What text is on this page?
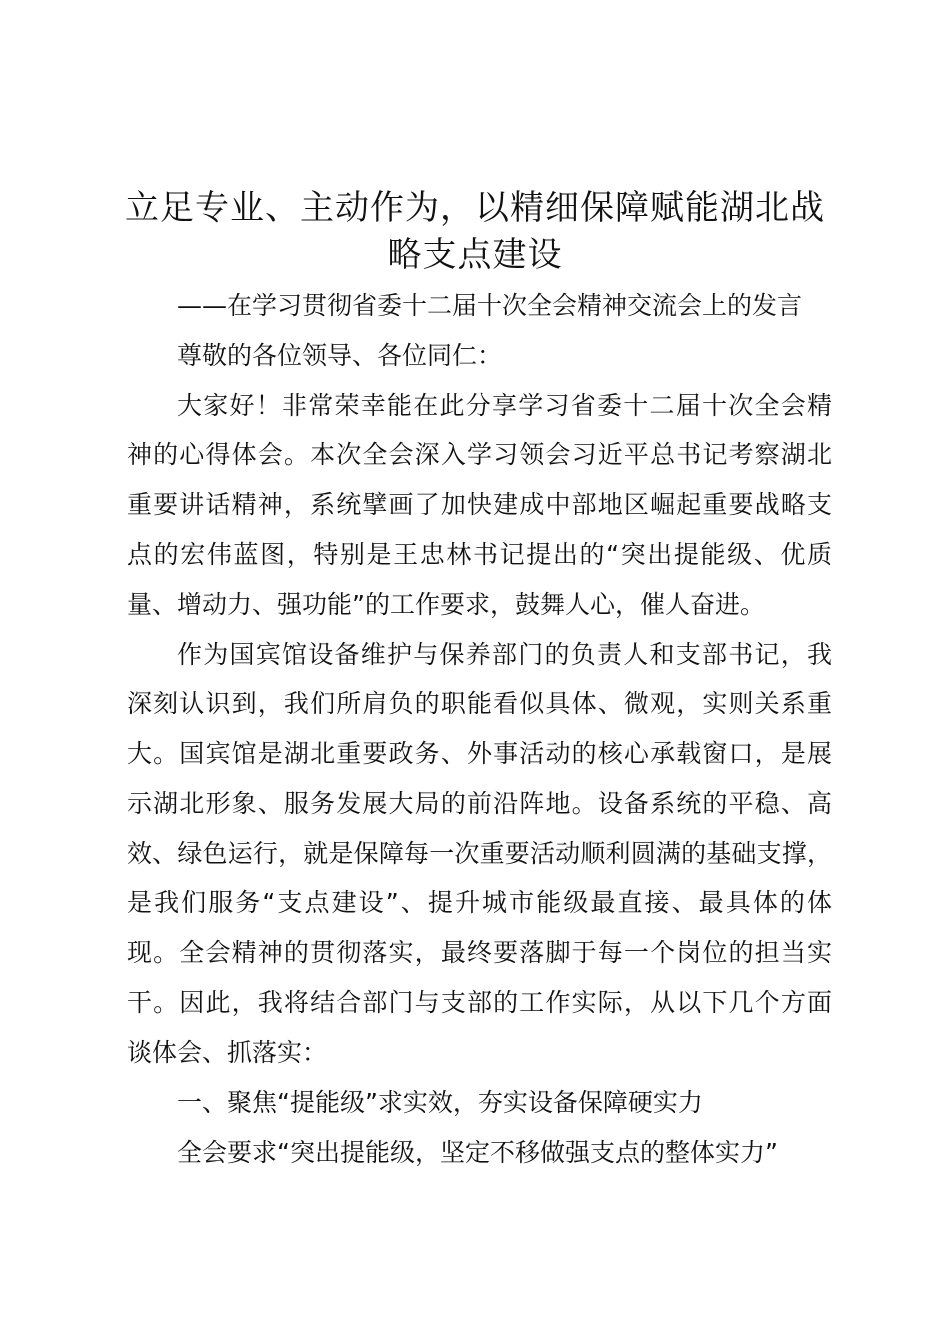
立足专业、主动作为，以精细保障赋能湖北战
略支点建设

——在学习贯彻省委十二届十次全会精神交流会上的发言

尊敬的各位领导、各位同仁：

大家好！非常荣幸能在此分享学习省委十二届十次全会精

神的心得体会。本次全会深入学习领会习近平总书记考察湖北

重要讲话精神，系统擘画了加快建成中部地区崛起重要战略支

点的宏伟蓝图，特别是王忠林书记提出的“突出提能级、优质

量、增动力、强功能”的工作要求，鼓舞人心，催人奋进。

作为国宾馆设备维护与保养部门的负责人和支部书记，我

深刻认识到，我们所肩负的职能看似具体、微观，实则关系重

大。国宾馆是湖北重要政务、外事活动的核心承载窗口，是展

示湖北形象、服务发展大局的前沿阵地。设备系统的平稳、高

效、绿色运行，就是保障每一次重要活动顺利圆满的基础支撑，

是我们服务“支点建设”、提升城市能级最直接、最具体的体

现。全会精神的贯彻落实，最终要落脚于每一个岗位的担当实

干。因此，我将结合部门与支部的工作实际，从以下几个方面

谈体会、抓落实：

一、聚焦“提能级”求实效，夯实设备保障硬实力

全会要求“突出提能级，坚定不移做强支点的整体实力”
